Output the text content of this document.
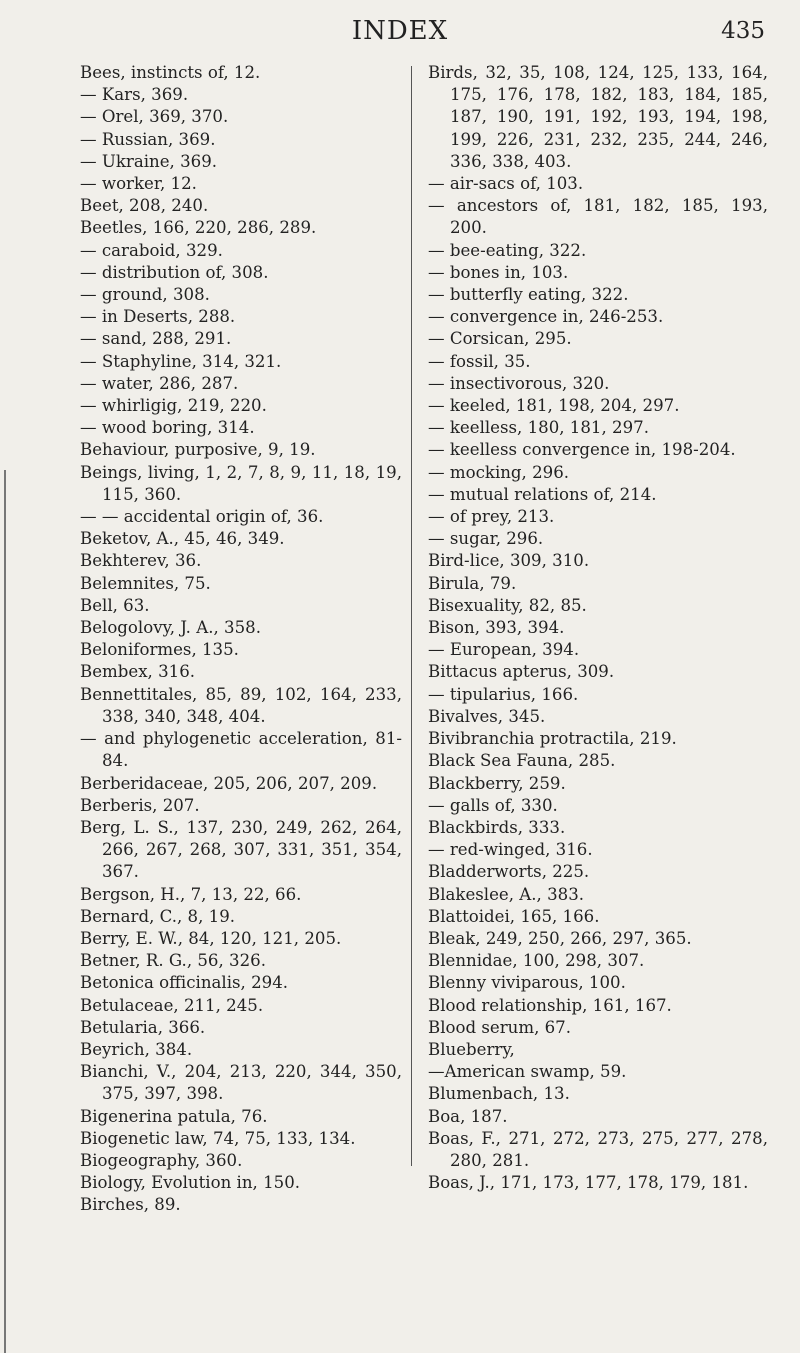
INDEX	435
Bees, instincts of, 12.
— Kars, 369.
— Orel, 369, 370.
— Russian, 369.
— Ukraine, 369.
— worker, 12.
Beet, 208, 240.
Beetles, 166, 220, 286, 289.
— caraboid, 329.
— distribution of, 308.
— ground, 308.
— in Deserts, 288.
— sand, 288, 291.
— Staphyline, 314, 321.
— water, 286, 287.
— whirligig, 219, 220.
— wood boring, 314.
Behaviour, purposive, 9, 19.
Beings, living, 1, 2, 7, 8, 9, 11, 18, 19, 115, 360.
— — accidental origin of, 36.
Beketov, A., 45, 46, 349.
Bekhterev, 36.
Belemnites, 75.
Bell, 63.
Belogolovy, J. A., 358.
Beloniformes, 135.
Bembex, 316.
Bennettitales, 85, 89, 102, 164, 233, 338, 340, 348, 404.
— and phylogenetic acceleration, 81-84.
Berberidaceae, 205, 206, 207, 209.
Berberis, 207.
Berg, L. S., 137, 230, 249, 262, 264, 266, 267, 268, 307, 331, 351, 354, 367.
Bergson, H., 7, 13, 22, 66.
Bernard, C., 8, 19.
Berry, E. W., 84, 120, 121, 205.
Betner, R. G., 56, 326.
Betonica officinalis, 294.
Betulaceae, 211, 245.
Betularia, 366.
Beyrich, 384.
Bianchi, V., 204, 213, 220, 344, 350, 375, 397, 398.
Bigenerina patula, 76.
Biogenetic law, 74, 75, 133, 134.
Biogeography, 360.
Biology, Evolution in, 150.
Birches, 89.
Birds, 32, 35, 108, 124, 125, 133, 164, 175, 176, 178, 182, 183, 184, 185, 187, 190, 191, 192, 193, 194, 198, 199, 226, 231, 232, 235, 244, 246, 336, 338, 403.
— air-sacs of, 103.
— ancestors of, 181, 182, 185, 193, 200.
— bee-eating, 322.
— bones in, 103.
— butterfly eating, 322.
— convergence in, 246-253.
— Corsican, 295.
— fossil, 35.
— insectivorous, 320.
— keeled, 181, 198, 204, 297.
— keelless, 180, 181, 297.
— keelless convergence in, 198-204.
— mocking, 296.
— mutual relations of, 214.
— of prey, 213.
— sugar, 296.
Bird-lice, 309, 310.
Birula, 79.
Bisexuality, 82, 85.
Bison, 393, 394.
— European, 394.
Bittacus apterus, 309.
— tipularius, 166.
Bivalves, 345.
Bivibranchia protractila, 219.
Black Sea Fauna, 285.
Blackberry, 259.
— galls of, 330.
Blackbirds, 333.
— red-winged, 316.
Bladderworts, 225.
Blakeslee, A., 383.
Blattoidei, 165, 166.
Bleak, 249, 250, 266, 297, 365.
Blennidae, 100, 298, 307.
Blenny viviparous, 100.
Blood relationship, 161, 167.
Blood serum, 67.
Blueberry,
—American swamp, 59.
Blumenbach, 13.
Boa, 187.
Boas, F., 271, 272, 273, 275, 277, 278, 280, 281.
Boas, J., 171, 173, 177, 178, 179, 181.
